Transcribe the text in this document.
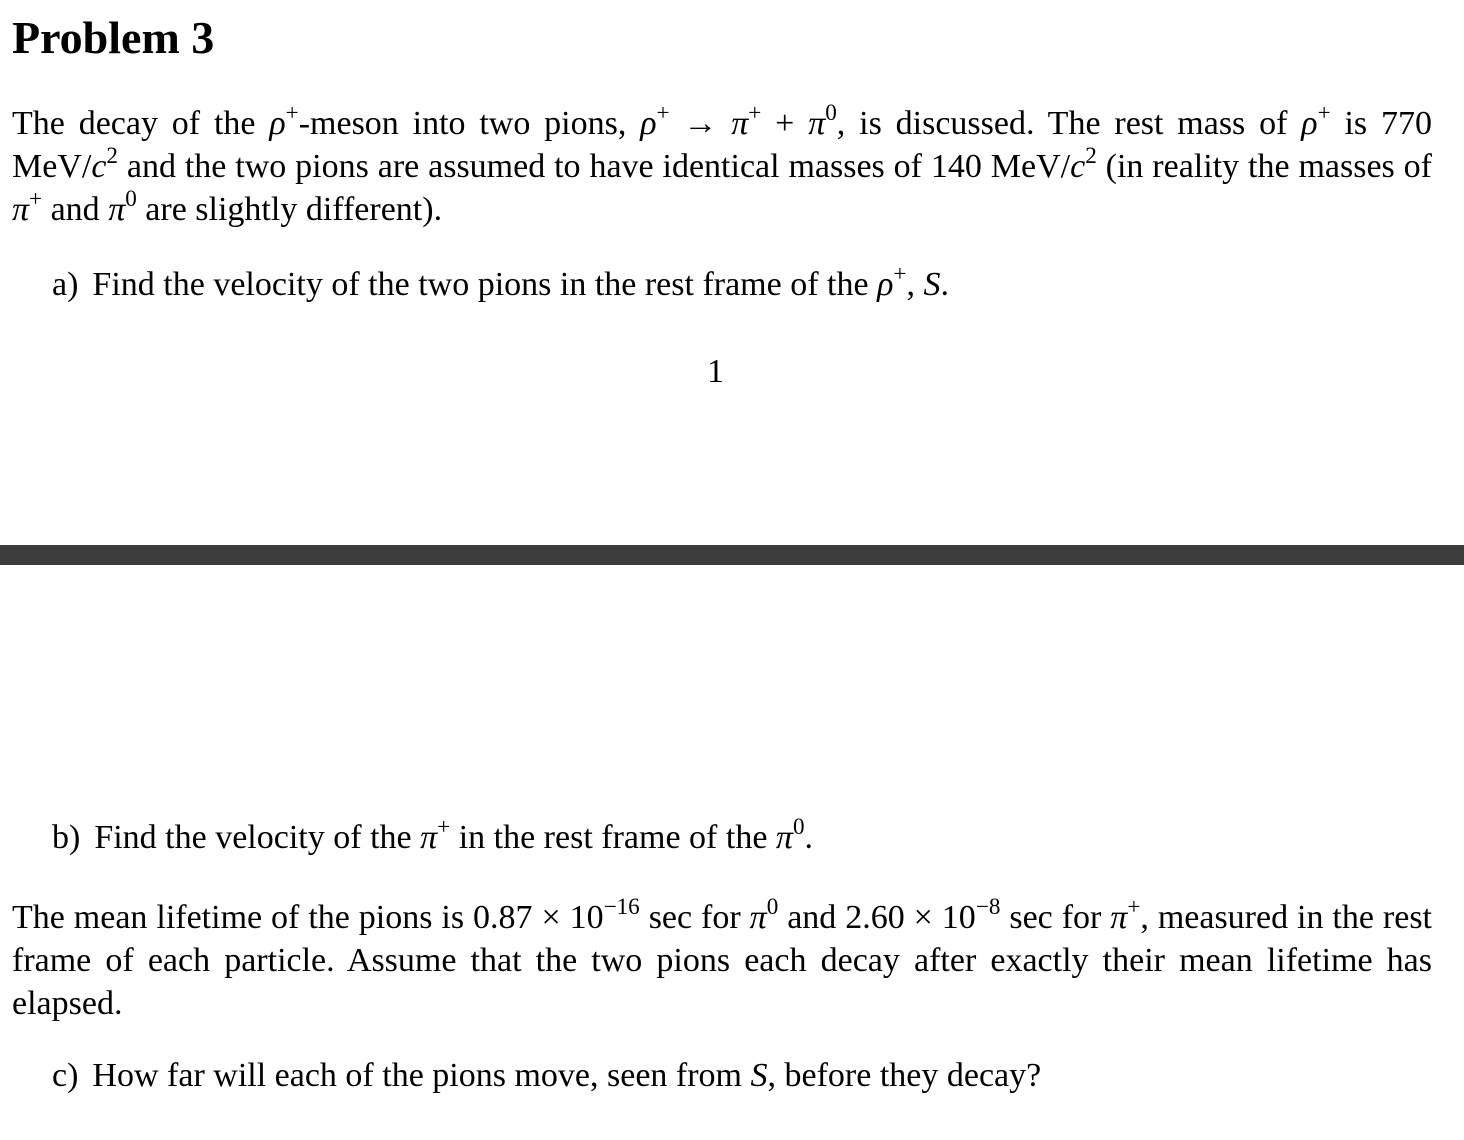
Problem 3
The decay of the ρ+-meson into two pions, $\rho^+ \to \pi^+ + \pi^0$, is discussed. The rest mass of ρ+ is 770 MeV/$c^2$ and the two pions are assumed to have identical masses of 140 MeV/$c^2$ (in reality the masses of π+ and $\pi^0$ are slightly different).
a) Find the velocity of the two pions in the rest frame of the ρ+, S.
1
b) Find the velocity of the π+ in the rest frame of the $\pi^0$.
The mean lifetime of the pions is $0.87 \times 10^{-16}$ sec for $\pi^0$ and $2.60 \times 10^{-8}$ sec for π+, measured in the rest frame of each particle. Assume that the two pions each decay after exactly their mean lifetime has elapsed.
c) How far will each of the pions move, seen from S, before they decay?
